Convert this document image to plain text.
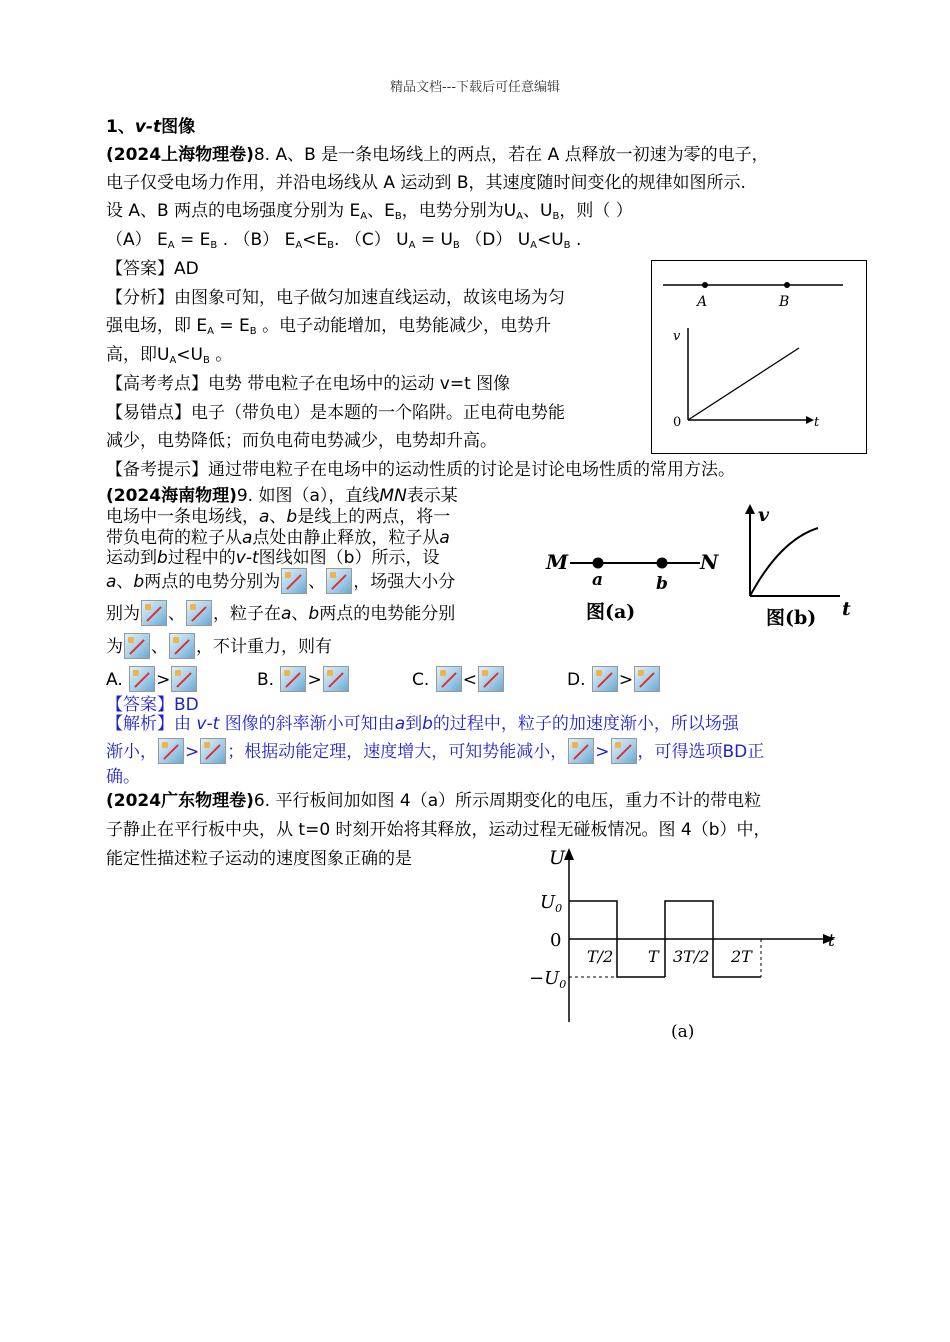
精品文档---下载后可任意编辑
1、v-t图像
(2024上海物理卷)8. A、B 是一条电场线上的两点，若在 A 点释放一初速为零的电子，
电子仅受电场力作用，并沿电场线从 A 运动到 B，其速度随时间变化的规律如图所示.
设 A、B 两点的电场强度分别为 $E_A$、$E_B$，电势分别为$U_A$、$U_B$，则（ ）
（A） $E_A = E_B$ . （B） $E_A<E_B$. （C） $U_A = U_B$ （D） $U_A<U_B$ .
【答案】AD
【分析】由图象可知，电子做匀加速直线运动，故该电场为匀
强电场，即 $E_A = E_B$ 。电子动能增加，电势能减少，电势升
高，即$U_A<U_B$ 。
【高考考点】电势 带电粒子在电场中的运动 v=t 图像
【易错点】电子（带负电）是本题的一个陷阱。正电荷电势能
减少，电势降低；而负电荷电势减少，电势却升高。
【备考提示】通过带电粒子在电场中的运动性质的讨论是讨论电场性质的常用方法。
A	B
v
0	t
(2024海南物理)9. 如图（a），直线MN表示某
电场中一条电场线，a、b是线上的两点，将一
带负电荷的粒子从a点处由静止释放，粒子从a
运动到b过程中的v-t图线如图（b）所示，设
a、b两点的电势分别为 、 ，场强大小分
别为 、 ，粒子在a、b两点的电势能分别
为 、 ，不计重力，则有
A. >	B. >	C. <	D. >
【答案】BD
【解析】由 v-t 图像的斜率渐小可知由a到b的过程中，粒子的加速度渐小，所以场强
渐小， > ；根据动能定理，速度增大，可知势能减小， > ，可得选项BD正
确。
M	N
a	b
图(a)
v
t
图(b)
(2024广东物理卷)6. 平行板间加如图 4（a）所示周期变化的电压，重力不计的带电粒
子静止在平行板中央，从 t=0 时刻开始将其释放，运动过程无碰板情况。图 4（b）中，
能定性描述粒子运动的速度图象正确的是	U
t
$U_0$
0
$-U_0$
T/2 T 3T/2 2T
(a)
